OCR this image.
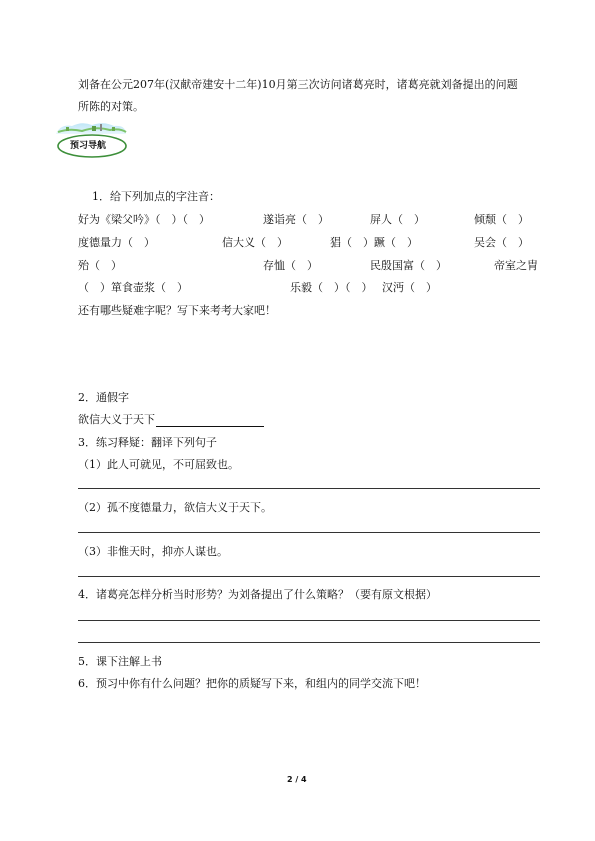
刘备在公元207年(汉献帝建安十二年)10月第三次访问诸葛亮时，诸葛亮就刘备提出的问题
所陈的对策。
预习导航
1．给下列加点的字注音：
好为《梁父吟》（　）（　）	遂诣亮（　）	屏人（　）	倾颓（　）
度德量力（　）	信大义（　）	猖（　）蹶（　）	吴会（　）
殆（　）	存恤（　）	民殷国富（　）	帝室之胄
（　）箪食壶浆（　）	乐毅（　）（　） 汉沔（　）
还有哪些疑难字呢？写下来考考大家吧！
2．通假字
欲信大义于天下
3．练习释疑：翻译下列句子
（1）此人可就见，不可屈致也。
（2）孤不度德量力，欲信大义于天下。
（3）非惟天时，抑亦人谋也。
4．诸葛亮怎样分析当时形势？为刘备提出了什么策略？（要有原文根据）
5．课下注解上书
6．预习中你有什么问题？把你的质疑写下来，和组内的同学交流下吧！
2 / 4
